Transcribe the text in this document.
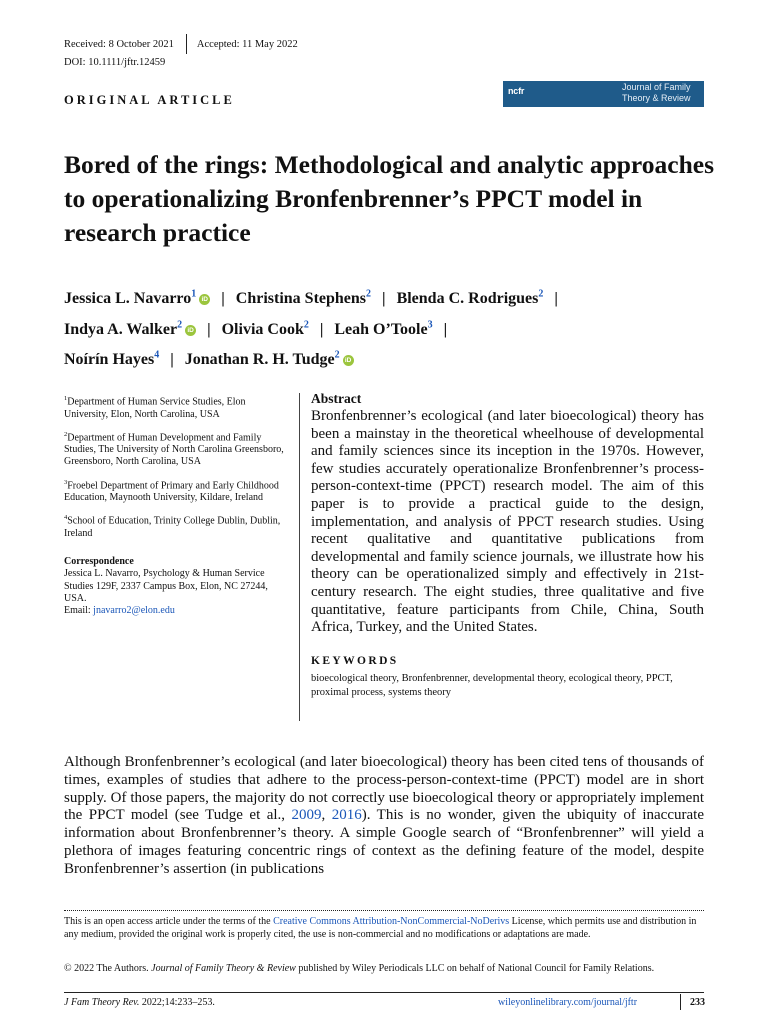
Received: 8 October 2021 Accepted: 11 May 2022
DOI: 10.1111/jftr.12459
ORIGINAL ARTICLE
ncfr	Journal of Family
Theory & Review
Bored of the rings: Methodological and analytic approaches to operationalizing Bronfenbrenner’s PPCT model in research practice
Jessica L. Navarro$^1$ iD | Christina Stephens$^2$ | Blenda C. Rodrigues$^2$ |
Indya A. Walker$^2$ iD | Olivia Cook$^2$ | Leah O’Toole$^3$ |
Noírín Hayes$^4$ | Jonathan R. H. Tudge$^2$ iD
$^1$Department of Human Service Studies, Elon University, Elon, North Carolina, USA
$^2$Department of Human Development and Family Studies, The University of North Carolina Greensboro, Greensboro, North Carolina, USA
$^3$Froebel Department of Primary and Early Childhood Education, Maynooth University, Kildare, Ireland
$^4$School of Education, Trinity College Dublin, Dublin, Ireland
Correspondence
Jessica L. Navarro, Psychology & Human Service Studies 129F, 2337 Campus Box, Elon, NC 27244, USA.
Email: jnavarro2@elon.edu
Abstract

Bronfenbrenner’s ecological (and later bioecological) theory has been a mainstay in the theoretical wheelhouse of developmental and family sciences since its inception in the 1970s. However, few studies accurately operationalize Bronfenbrenner’s process-person-context-time (PPCT) research model. The aim of this paper is to provide a practical guide to the design, implementation, and analysis of PPCT research studies. Using recent qualitative and quantitative publications from developmental and family science journals, we illustrate how his theory can be operationalized simply and effectively in 21st-century research. The eight studies, three qualitative and five quantitative, feature participants from Chile, China, South Africa, Turkey, and the United States.

KEYWORDS
bioecological theory, Bronfenbrenner, developmental theory, ecological theory, PPCT, proximal process, systems theory

Although Bronfenbrenner’s ecological (and later bioecological) theory has been cited tens of thousands of times, examples of studies that adhere to the process-person-context-time (PPCT) model are in short supply. Of those papers, the majority do not correctly use bioecological theory or appropriately implement the PPCT model (see Tudge et al., 2009, 2016). This is no wonder, given the ubiquity of inaccurate information about Bronfenbrenner’s theory. A simple Google search of “Bronfenbrenner” will yield a plethora of images featuring concentric rings of context as the defining feature of the model, despite Bronfenbrenner’s assertion (in publications

This is an open access article under the terms of the Creative Commons Attribution-NonCommercial-NoDerivs License, which permits use and distribution in any medium, provided the original work is properly cited, the use is non-commercial and no modifications or adaptations are made.
© 2022 The Authors. Journal of Family Theory & Review published by Wiley Periodicals LLC on behalf of National Council for Family Relations.
J Fam Theory Rev. 2022;14:233–253.	wileyonlinelibrary.com/journal/jftr	233
